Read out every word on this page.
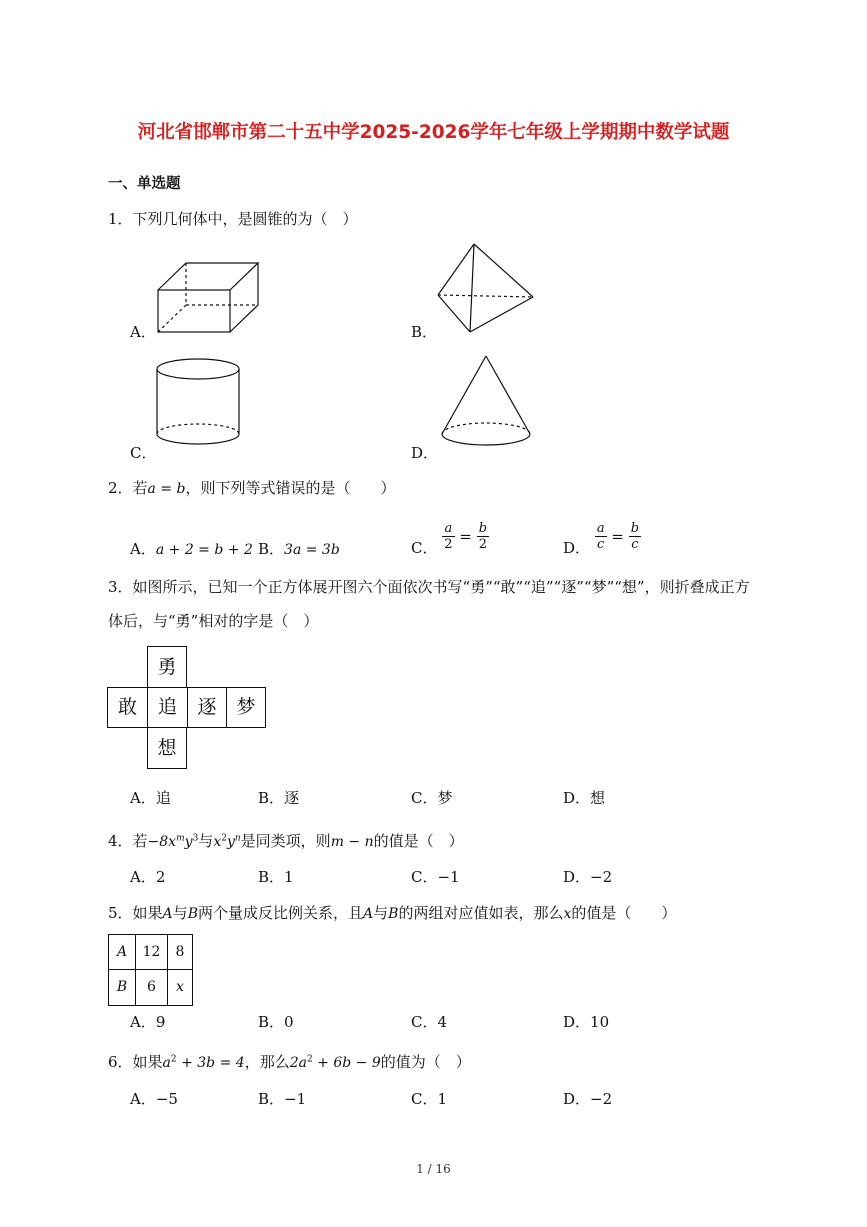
河北省邯郸市第二十五中学2025-2026学年七年级上学期期中数学试题
一、单选题
1．下列几何体中，是圆锥的为（　）
A．	B．
C．	D．
2．若a = b，则下列等式错误的是（　　）
A．a + 2 = b + 2 B．3a = 3b	C． $\frac{a}{2} = \frac{b}{2}$	D． $\frac{a}{c} = \frac{b}{c}$
3．如图所示，已知一个正方体展开图六个面依次书写“勇”“敢”“追”“逐”“梦”“想”，则折叠成正方
体后，与“勇”相对的字是（　）
勇
敢	追	逐	梦
想
A．追	B．逐	C．梦	D．想
4．若$-8x^my^3$与$x^2y^n$是同类项，则m − n的值是（　）
A．2	B．1	C．−1	D．−2
5．如果A与B两个量成反比例关系，且A与B的两组对应值如表，那么x的值是（　　）
A	12	8
B	6	x
A．9	B．0	C．4	D．10
6．如果$a^2 + 3b = 4$，那么$2a^2 + 6b - 9$的值为（　）
A．−5	B．−1	C．1	D．−2
1 / 16
